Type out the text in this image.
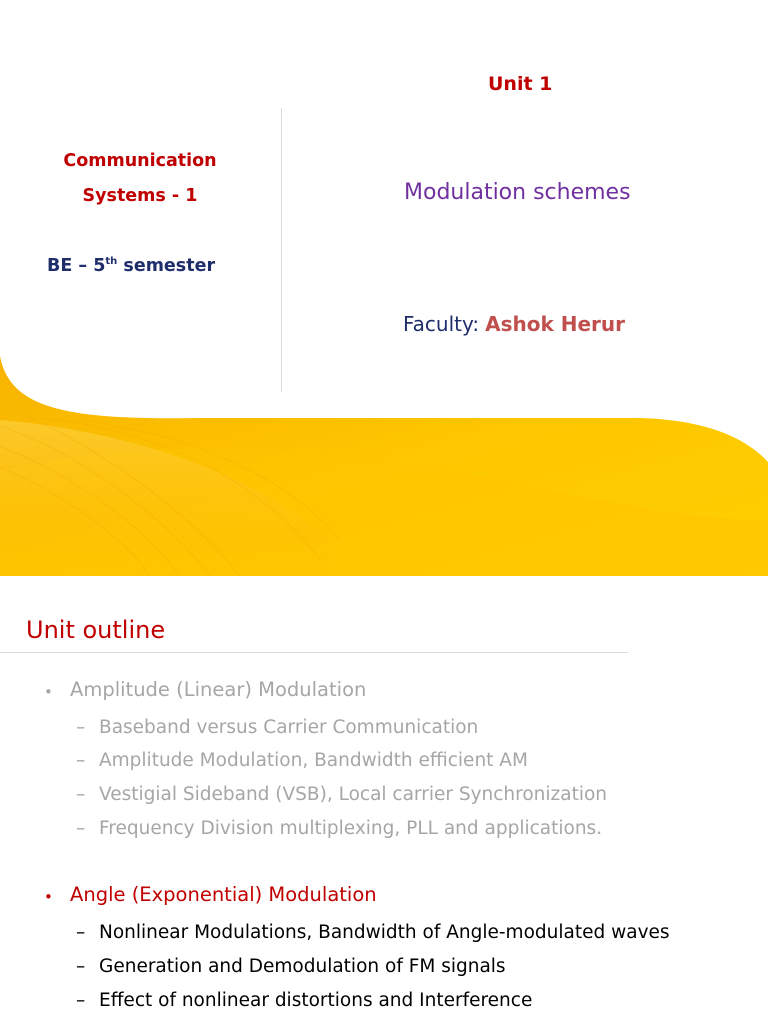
Unit 1
Communication
Systems - 1
BE – 5th semester
Modulation schemes
Faculty: Ashok Herur
Unit outline
• Amplitude (Linear) Modulation
– Baseband versus Carrier Communication
– Amplitude Modulation, Bandwidth efficient AM
– Vestigial Sideband (VSB), Local carrier Synchronization
– Frequency Division multiplexing, PLL and applications.
• Angle (Exponential) Modulation
– Nonlinear Modulations, Bandwidth of Angle-modulated waves
– Generation and Demodulation of FM signals
– Effect of nonlinear distortions and Interference
